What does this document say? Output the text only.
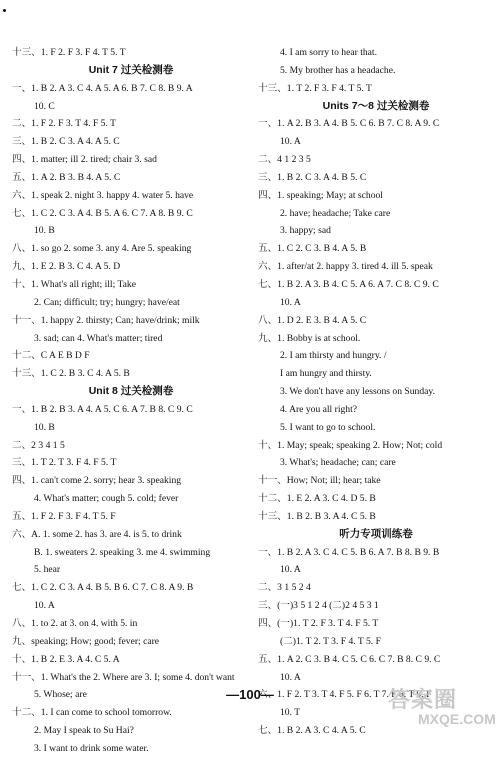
十三、1. F 2. F 3. F 4. T 5. T
Unit 7 过关检测卷
一、1. B 2. A 3. C 4. A 5. A 6. B 7. C 8. B 9. A
10. C
二、1. F 2. F 3. T 4. F 5. T
三、1. B 2. C 3. A 4. A 5. C
四、1. matter; ill 2. tired; chair 3. sad
五、1. A 2. B 3. B 4. A 5. C
六、1. speak 2. night 3. happy 4. water 5. have
七、1. C 2. C 3. A 4. B 5. A 6. C 7. A 8. B 9. C
10. B
八、1. so go 2. some 3. any 4. Are 5. speaking
九、1. E 2. B 3. C 4. A 5. D
十、1. What's all right; ill; Take
2. Can; difficult; try; hungry; have/eat
十一、1. happy 2. thirsty; Can; have/drink; milk
3. sad; can 4. What's matter; tired
十二、C A E B D F
十三、1. C 2. B 3. C 4. A 5. B
Unit 8 过关检测卷
一、1. B 2. B 3. A 4. A 5. C 6. A 7. B 8. C 9. C
10. B
二、2 3 4 1 5
三、1. T 2. T 3. F 4. F 5. T
四、1. can't come 2. sorry; hear 3. speaking
4. What's matter; cough 5. cold; fever
五、1. F 2. F 3. F 4. T 5. F
六、A. 1. some 2. has 3. are 4. is 5. to drink
B. 1. sweaters 2. speaking 3. me 4. swimming
5. hear
七、1. C 2. C 3. A 4. B 5. B 6. C 7. C 8. A 9. B
10. A
八、1. to 2. at 3. on 4. with 5. in
九、speaking; How; good; fever; care
十、1. B 2. E 3. A 4. C 5. A
十一、1. What's the 2. Where are 3. I; some 4. don't want
5. Whose; are
十二、1. I can come to school tomorrow.
2. May I speak to Su Hai?
3. I want to drink some water.
4. I am sorry to hear that.
5. My brother has a headache.
十三、1. T 2. F 3. F 4. T 5. T
Units 7～8 过关检测卷
一、1. A 2. B 3. A 4. B 5. C 6. B 7. C 8. A 9. C
10. A
二、4 1 2 3 5
三、1. B 2. C 3. A 4. B 5. C
四、1. speaking; May; at school
2. have; headache; Take care
3. happy; sad
五、1. C 2. C 3. B 4. A 5. B
六、1. after/at 2. happy 3. tired 4. ill 5. speak
七、1. B 2. A 3. B 4. C 5. A 6. A 7. C 8. C 9. C
10. A
八、1. D 2. E 3. B 4. A 5. C
九、1. Bobby is at school.
2. I am thirsty and hungry. /
I am hungry and thirsty.
3. We don't have any lessons on Sunday.
4. Are you all right?
5. I want to go to school.
十、1. May; speak; speaking 2. How; Not; cold
3. What's; headache; can; care
十一、How; Not; ill; hear; take
十二、1. E 2. A 3. C 4. D 5. B
十三、1. B 2. B 3. A 4. C 5. B
听力专项训练卷
一、1. B 2. A 3. C 4. C 5. B 6. A 7. B 8. B 9. B
10. A
二、3 1 5 2 4
三、(一)3 5 1 2 4 (二)2 4 5 3 1
四、(一)1. T 2. F 3. T 4. F 5. T
(二)1. T 2. T 3. F 4. T 5. F
五、1. A 2. C 3. B 4. C 5. C 6. C 7. B 8. C 9. C
10. A
六、1. F 2. T 3. T 4. F 5. F 6. T 7. F 8. T 9. F
10. T
七、1. B 2. A 3. C 4. A 5. C
—100—	答案圈
MXQE.COM
